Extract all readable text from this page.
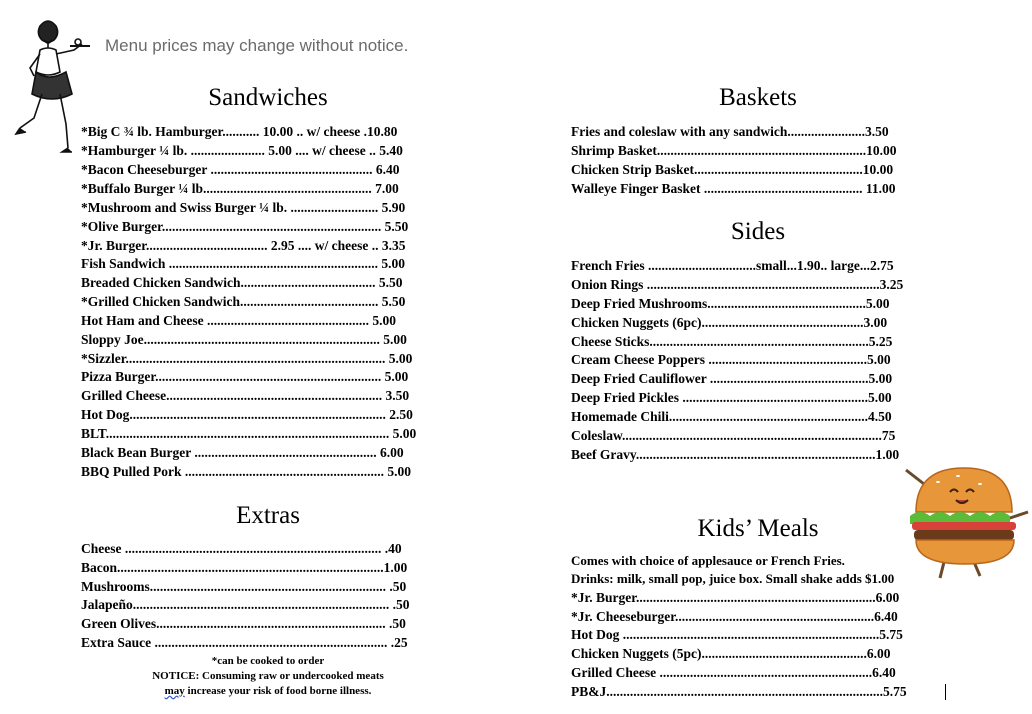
Menu prices may change without notice.
Sandwiches
*Big C ¾ lb. Hamburger........... 10.00 .. w/ cheese .10.80
*Hamburger ¼ lb. ...................... 5.00 .... w/ cheese .. 5.40
*Bacon Cheeseburger ................................................ 6.40
*Buffalo Burger ¼ lb.................................................. 7.00
*Mushroom and Swiss Burger ¼ lb. .......................... 5.90
*Olive Burger................................................................. 5.50
*Jr. Burger.................................... 2.95 .... w/ cheese .. 3.35
Fish Sandwich .............................................................. 5.00
Breaded Chicken Sandwich........................................ 5.50
*Grilled Chicken Sandwich......................................... 5.50
Hot Ham and Cheese ................................................ 5.00
Sloppy Joe...................................................................... 5.00
*Sizzler............................................................................. 5.00
Pizza Burger................................................................... 5.00
Grilled Cheese................................................................ 3.50
Hot Dog............................................................................ 2.50
BLT.................................................................................... 5.00
Black Bean Burger ...................................................... 6.00
BBQ Pulled Pork ........................................................... 5.00
Extras
Cheese ............................................................................ .40
Bacon...............................................................................1.00
Mushrooms...................................................................... .50
Jalapeño............................................................................ .50
Green Olives.................................................................... .50
Extra Sauce ..................................................................... .25
*can be cooked to order
NOTICE: Consuming raw or undercooked meats
may increase your risk of food borne illness.
Baskets
Fries and coleslaw with any sandwich.......................3.50
Shrimp Basket..............................................................10.00
Chicken Strip Basket..................................................10.00
Walleye Finger Basket ............................................... 11.00
Sides
French Fries ................................small...1.90.. large...2.75
Onion Rings .....................................................................3.25
Deep Fried Mushrooms...............................................5.00
Chicken Nuggets (6pc)................................................3.00
Cheese Sticks.................................................................5.25
Cream Cheese Poppers ...............................................5.00
Deep Fried Cauliflower ...............................................5.00
Deep Fried Pickles .......................................................5.00
Homemade Chili...........................................................4.50
Coleslaw.............................................................................75
Beef Gravy.......................................................................1.00
Kids’ Meals
Comes with choice of applesauce or French Fries.
Drinks: milk, small pop, juice box. Small shake adds $1.00
*Jr. Burger.......................................................................6.00
*Jr. Cheeseburger...........................................................6.40
Hot Dog ............................................................................5.75
Chicken Nuggets (5pc).................................................6.00
Grilled Cheese ...............................................................6.40
PB&J..................................................................................5.75
